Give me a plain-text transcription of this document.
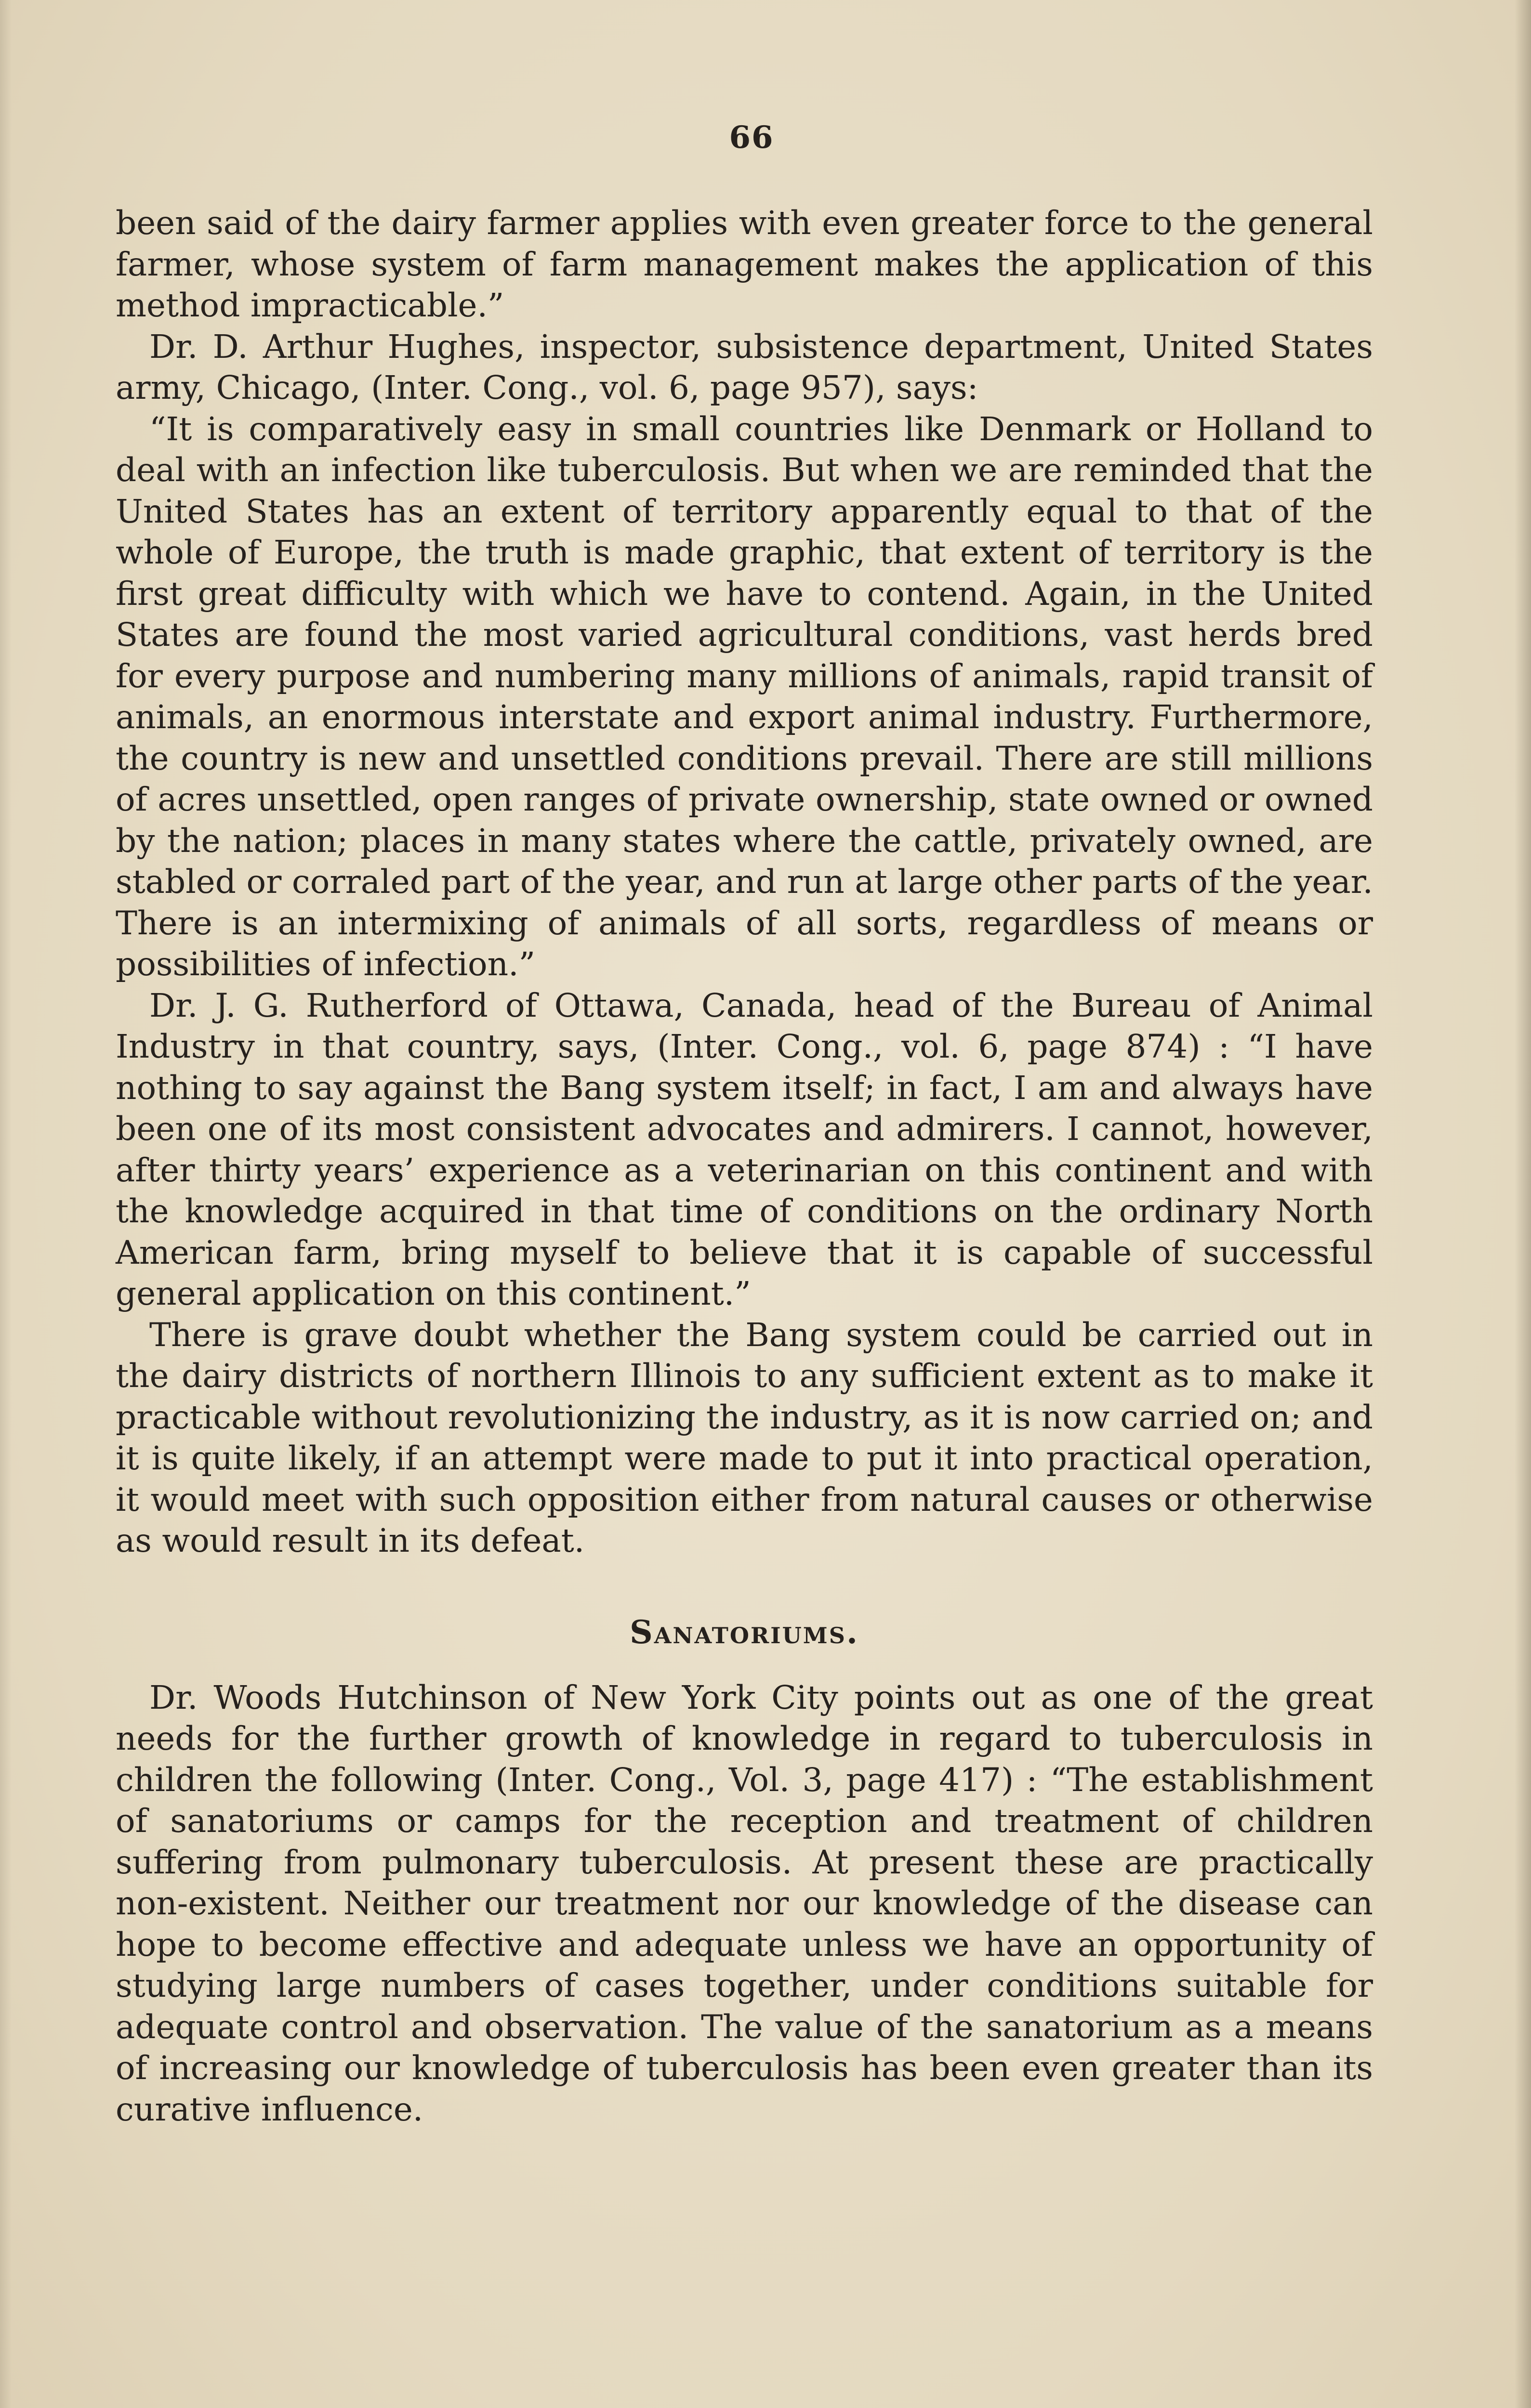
66

been said of the dairy farmer applies with even greater force to the general farmer, whose system of farm management makes the application of this method impracticable.”

Dr. D. Arthur Hughes, inspector, subsistence department, United States army, Chicago, (Inter. Cong., vol. 6, page 957), says:

“It is comparatively easy in small countries like Denmark or Holland to deal with an infection like tuberculosis. But when we are reminded that the United States has an extent of territory apparently equal to that of the whole of Europe, the truth is made graphic, that extent of territory is the first great difficulty with which we have to contend. Again, in the United States are found the most varied agricultural conditions, vast herds bred for every purpose and numbering many millions of animals, rapid transit of animals, an enormous interstate and export animal industry. Furthermore, the country is new and unsettled conditions prevail. There are still millions of acres unsettled, open ranges of private ownership, state owned or owned by the nation; places in many states where the cattle, privately owned, are stabled or corraled part of the year, and run at large other parts of the year. There is an intermixing of animals of all sorts, regardless of means or possibilities of infection.”

Dr. J. G. Rutherford of Ottawa, Canada, head of the Bureau of Animal Industry in that country, says, (Inter. Cong., vol. 6, page 874) : “I have nothing to say against the Bang system itself; in fact, I am and always have been one of its most consistent advocates and admirers. I cannot, however, after thirty years’ experience as a veterinarian on this continent and with the knowledge acquired in that time of conditions on the ordinary North American farm, bring myself to believe that it is capable of successful general application on this continent.”

There is grave doubt whether the Bang system could be carried out in the dairy districts of northern Illinois to any sufficient extent as to make it practicable without revolutionizing the industry, as it is now carried on; and it is quite likely, if an attempt were made to put it into practical operation, it would meet with such opposition either from natural causes or otherwise as would result in its defeat.

Sanatoriums.

Dr. Woods Hutchinson of New York City points out as one of the great needs for the further growth of knowledge in regard to tuberculosis in children the following (Inter. Cong., Vol. 3, page 417) : “The establishment of sanatoriums or camps for the reception and treatment of children suffering from pulmonary tuberculosis. At present these are practically non-existent. Neither our treatment nor our knowledge of the disease can hope to become effective and adequate unless we have an opportunity of studying large numbers of cases together, under conditions suitable for adequate control and observation. The value of the sanatorium as a means of increasing our knowledge of tuberculosis has been even greater than its curative influence.
